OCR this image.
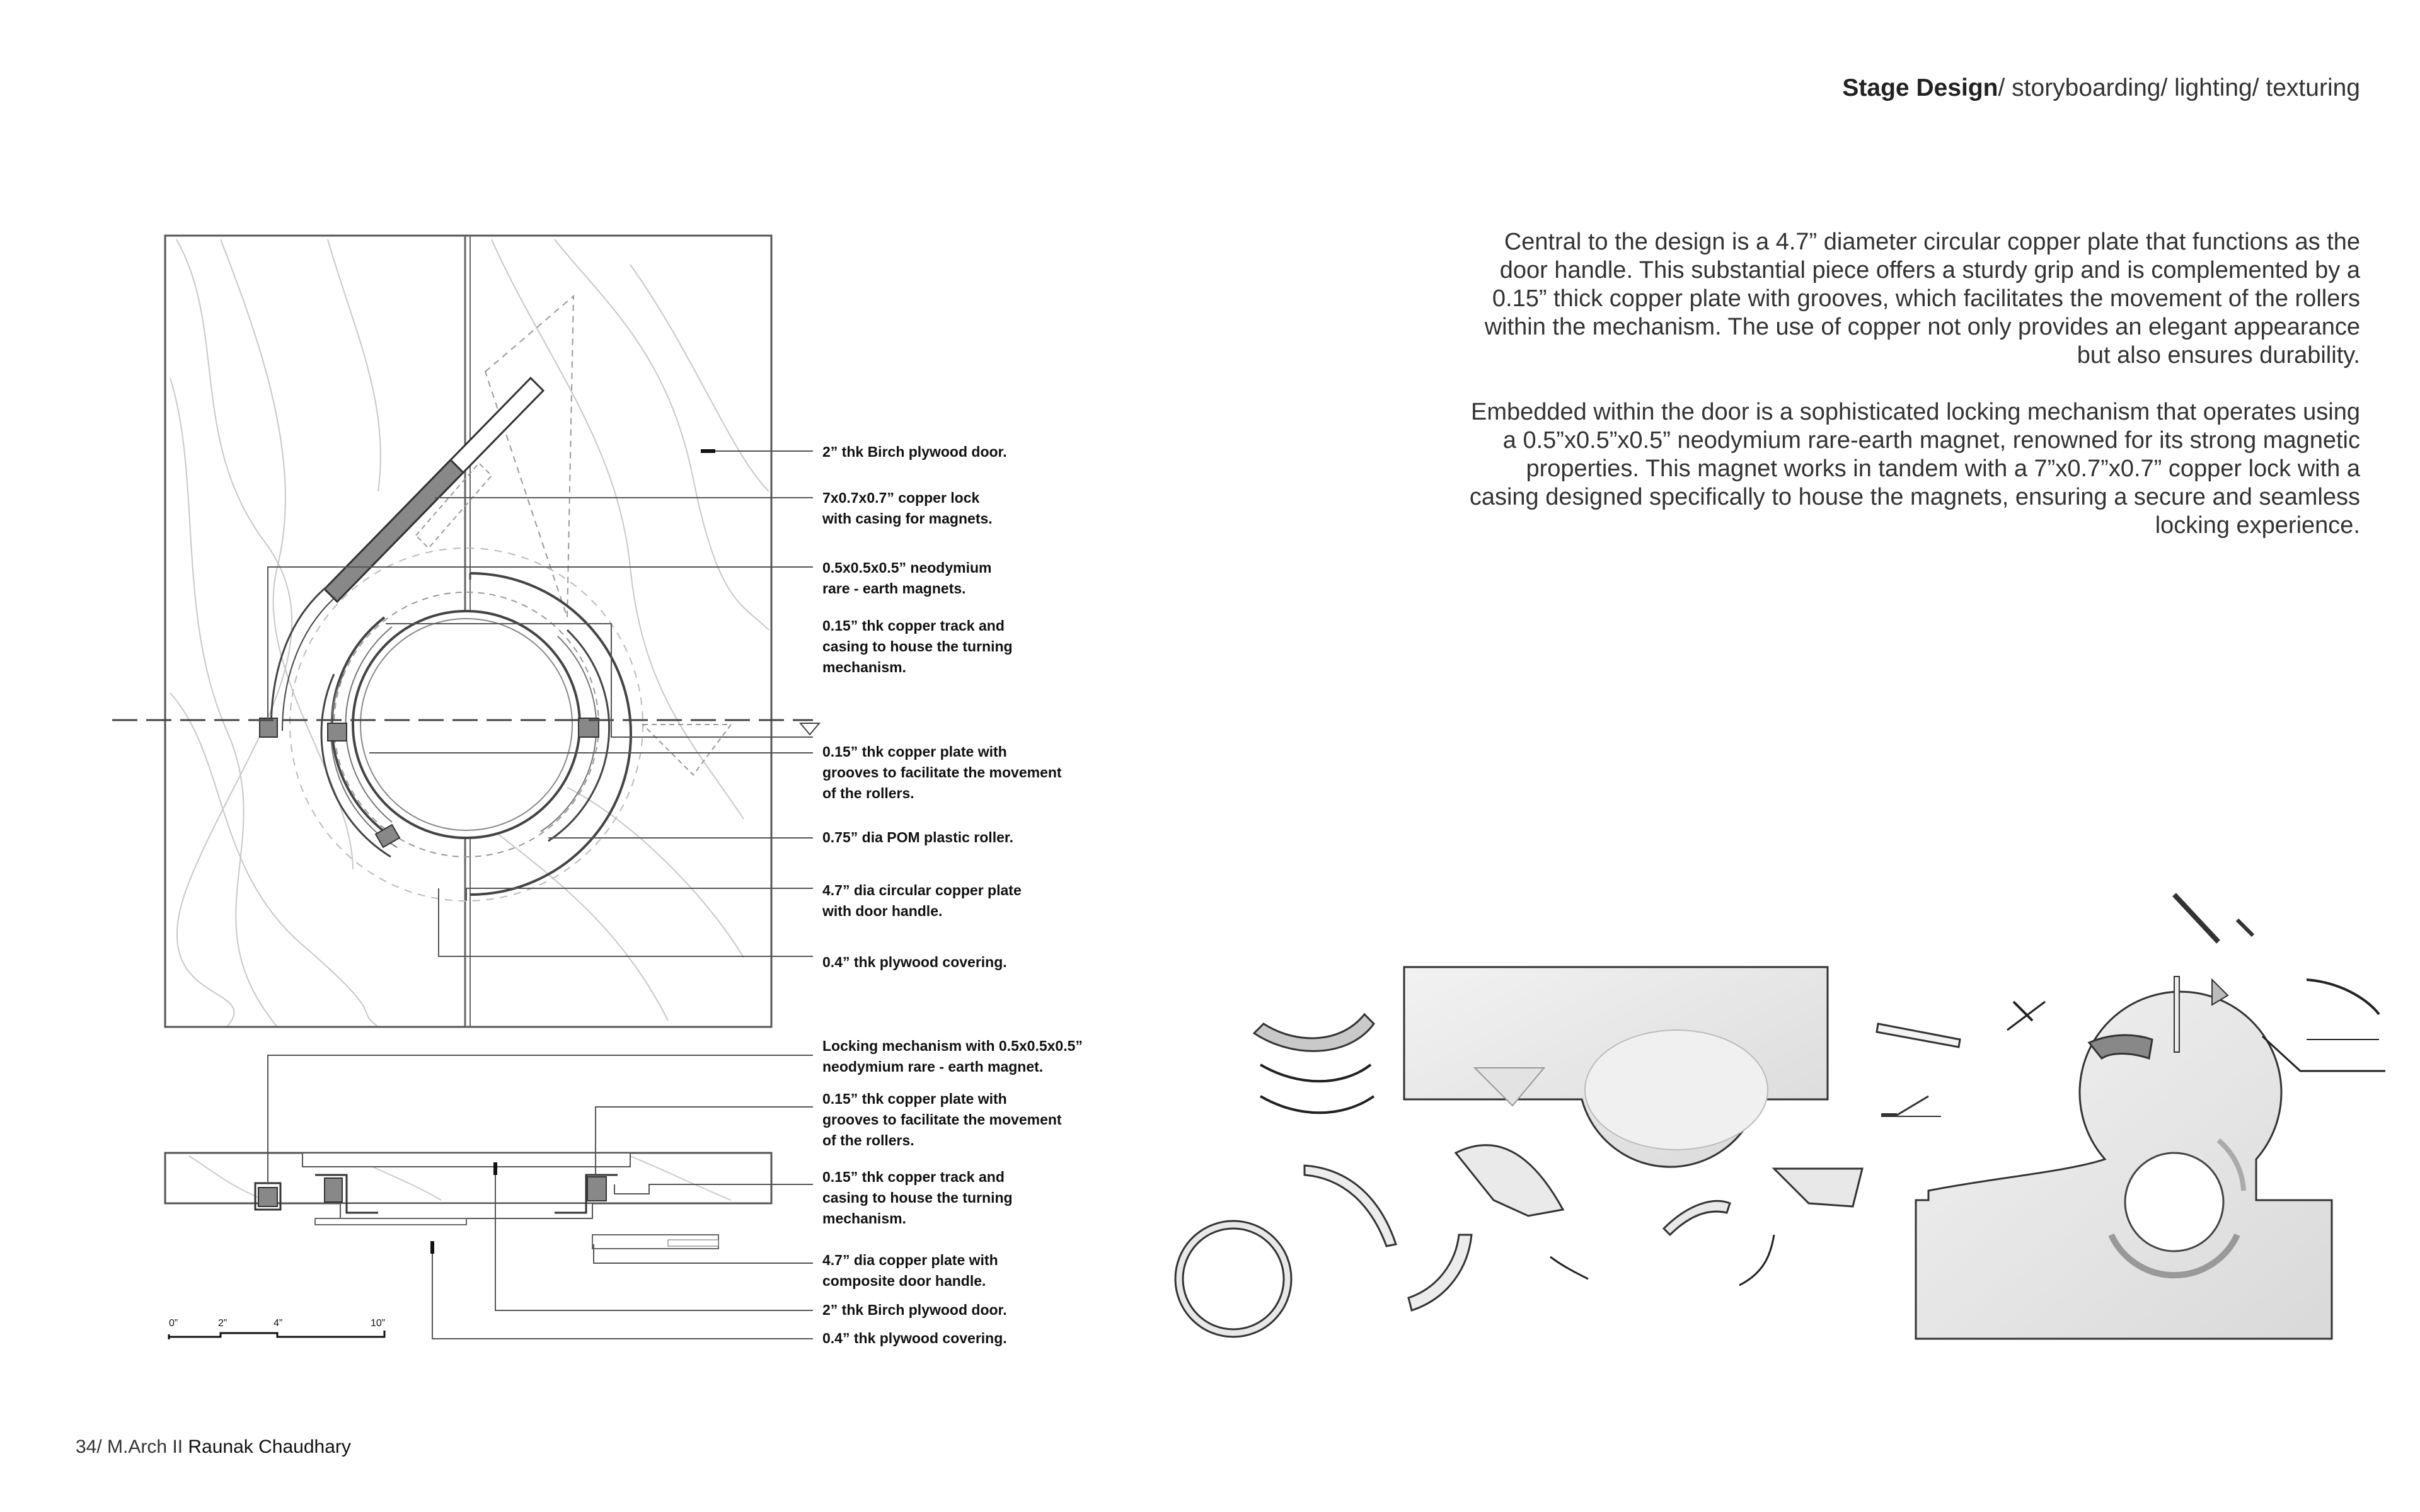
Stage Design/ storyboarding/ lighting/ texturing

Central to the design is a 4.7” diameter circular copper plate that functions as the door handle. This substantial piece offers a sturdy grip and is complemented by a 0.15” thick copper plate with grooves, which facilitates the movement of the rollers within the mechanism. The use of copper not only provides an elegant appearance but also ensures durability.

Embedded within the door is a sophisticated locking mechanism that operates using a 0.5”x0.5”x0.5” neodymium rare-earth magnet, renowned for its strong magnetic properties. This magnet works in tandem with a 7”x0.7”x0.7” copper lock with a casing designed specifically to house the magnets, ensuring a secure and seamless locking experience.

2” thk Birch plywood door.
7x0.7x0.7” copper lock
with casing for magnets.
0.5x0.5x0.5” neodymium
rare - earth magnets.
0.15” thk copper track and
casing to house the turning
mechanism.
0.15” thk copper plate with
grooves to facilitate the movement
of the rollers.
0.75” dia POM plastic roller.
4.7” dia circular copper plate
with door handle.
0.4” thk plywood covering.
Locking mechanism with 0.5x0.5x0.5”
neodymium rare - earth magnet.
0.15” thk copper plate with
grooves to facilitate the movement
of the rollers.
0.15” thk copper track and
casing to house the turning
mechanism.
4.7” dia copper plate with
composite door handle.
2” thk Birch plywood door.
0.4” thk plywood covering.
0”	2”	4”	10”
34/ M.Arch II Raunak Chaudhary
